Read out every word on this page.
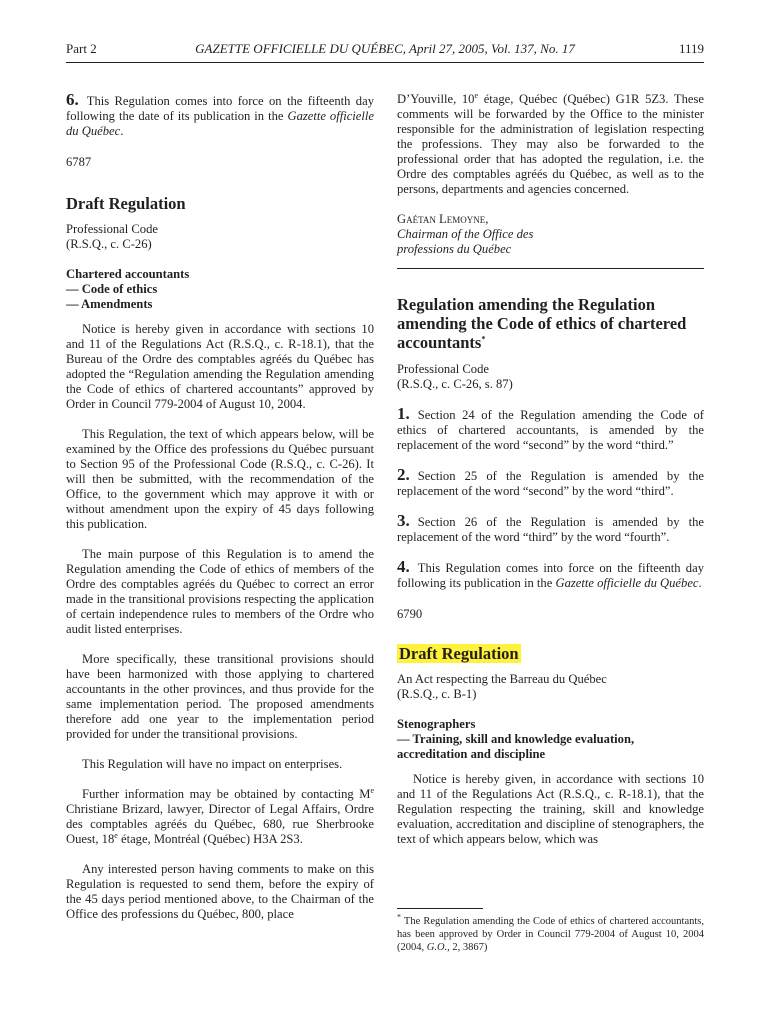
Part 2	GAZETTE OFFICIELLE DU QUÉBEC, April 27, 2005, Vol. 137, No. 17	1119

6. This Regulation comes into force on the fifteenth day following the date of its publication in the Gazette officielle du Québec.

6787

Draft Regulation

Professional Code

(R.S.Q., c. C-26)

Chartered accountants

— Code of ethics

— Amendments

Notice is hereby given in accordance with sections 10 and 11 of the Regulations Act (R.S.Q., c. R-18.1), that the Bureau of the Ordre des comptables agréés du Québec has adopted the “Regulation amending the Regulation amending the Code of ethics of chartered accountants” approved by Order in Council 779-2004 of August 10, 2004.

This Regulation, the text of which appears below, will be examined by the Office des professions du Québec pursuant to Section 95 of the Professional Code (R.S.Q., c. C-26). It will then be submitted, with the recommendation of the Office, to the government which may approve it with or without amendment upon the expiry of 45 days following this publication.

The main purpose of this Regulation is to amend the Regulation amending the Code of ethics of members of the Ordre des comptables agréés du Québec to correct an error made in the transitional provisions respecting the application of certain independence rules to members of the Ordre who audit listed enterprises.

More specifically, these transitional provisions should have been harmonized with those applying to chartered accountants in the other provinces, and thus provide for the same implementation period. The proposed amendments therefore add one year to the implementation period provided for under the transitional provisions.

This Regulation will have no impact on enterprises.

Further information may be obtained by contacting Me Christiane Brizard, lawyer, Director of Legal Affairs, Ordre des comptables agréés du Québec, 680, rue Sherbrooke Ouest, 18e étage, Montréal (Québec) H3A 2S3.

Any interested person having comments to make on this Regulation is requested to send them, before the expiry of the 45 days period mentioned above, to the Chairman of the Office des professions du Québec, 800, place

D’Youville, 10e étage, Québec (Québec) G1R 5Z3. These comments will be forwarded by the Office to the minister responsible for the administration of legislation respecting the professions. They may also be forwarded to the professional order that has adopted the regulation, i.e. the Ordre des comptables agréés du Québec, as well as to the persons, departments and agencies concerned.

Gaétan Lemoyne,

Chairman of the Office des

professions du Québec

Regulation amending the Regulation amending the Code of ethics of chartered accountants*

Professional Code

(R.S.Q., c. C-26, s. 87)

1. Section 24 of the Regulation amending the Code of ethics of chartered accountants, is amended by the replacement of the word “second” by the word “third.”

2. Section 25 of the Regulation is amended by the replacement of the word “second” by the word “third”.

3. Section 26 of the Regulation is amended by the replacement of the word “third” by the word “fourth”.

4. This Regulation comes into force on the fifteenth day following its publication in the Gazette officielle du Québec.

6790

Draft Regulation

An Act respecting the Barreau du Québec

(R.S.Q., c. B-1)

Stenographers

— Training, skill and knowledge evaluation, accreditation and discipline

Notice is hereby given, in accordance with sections 10 and 11 of the Regulations Act (R.S.Q., c. R-18.1), that the Regulation respecting the training, skill and knowledge evaluation, accreditation and discipline of stenographers, the text of which appears below, which was

* The Regulation amending the Code of ethics of chartered accountants, has been approved by Order in Council 779-2004 of August 10, 2004 (2004, G.O., 2, 3867)
